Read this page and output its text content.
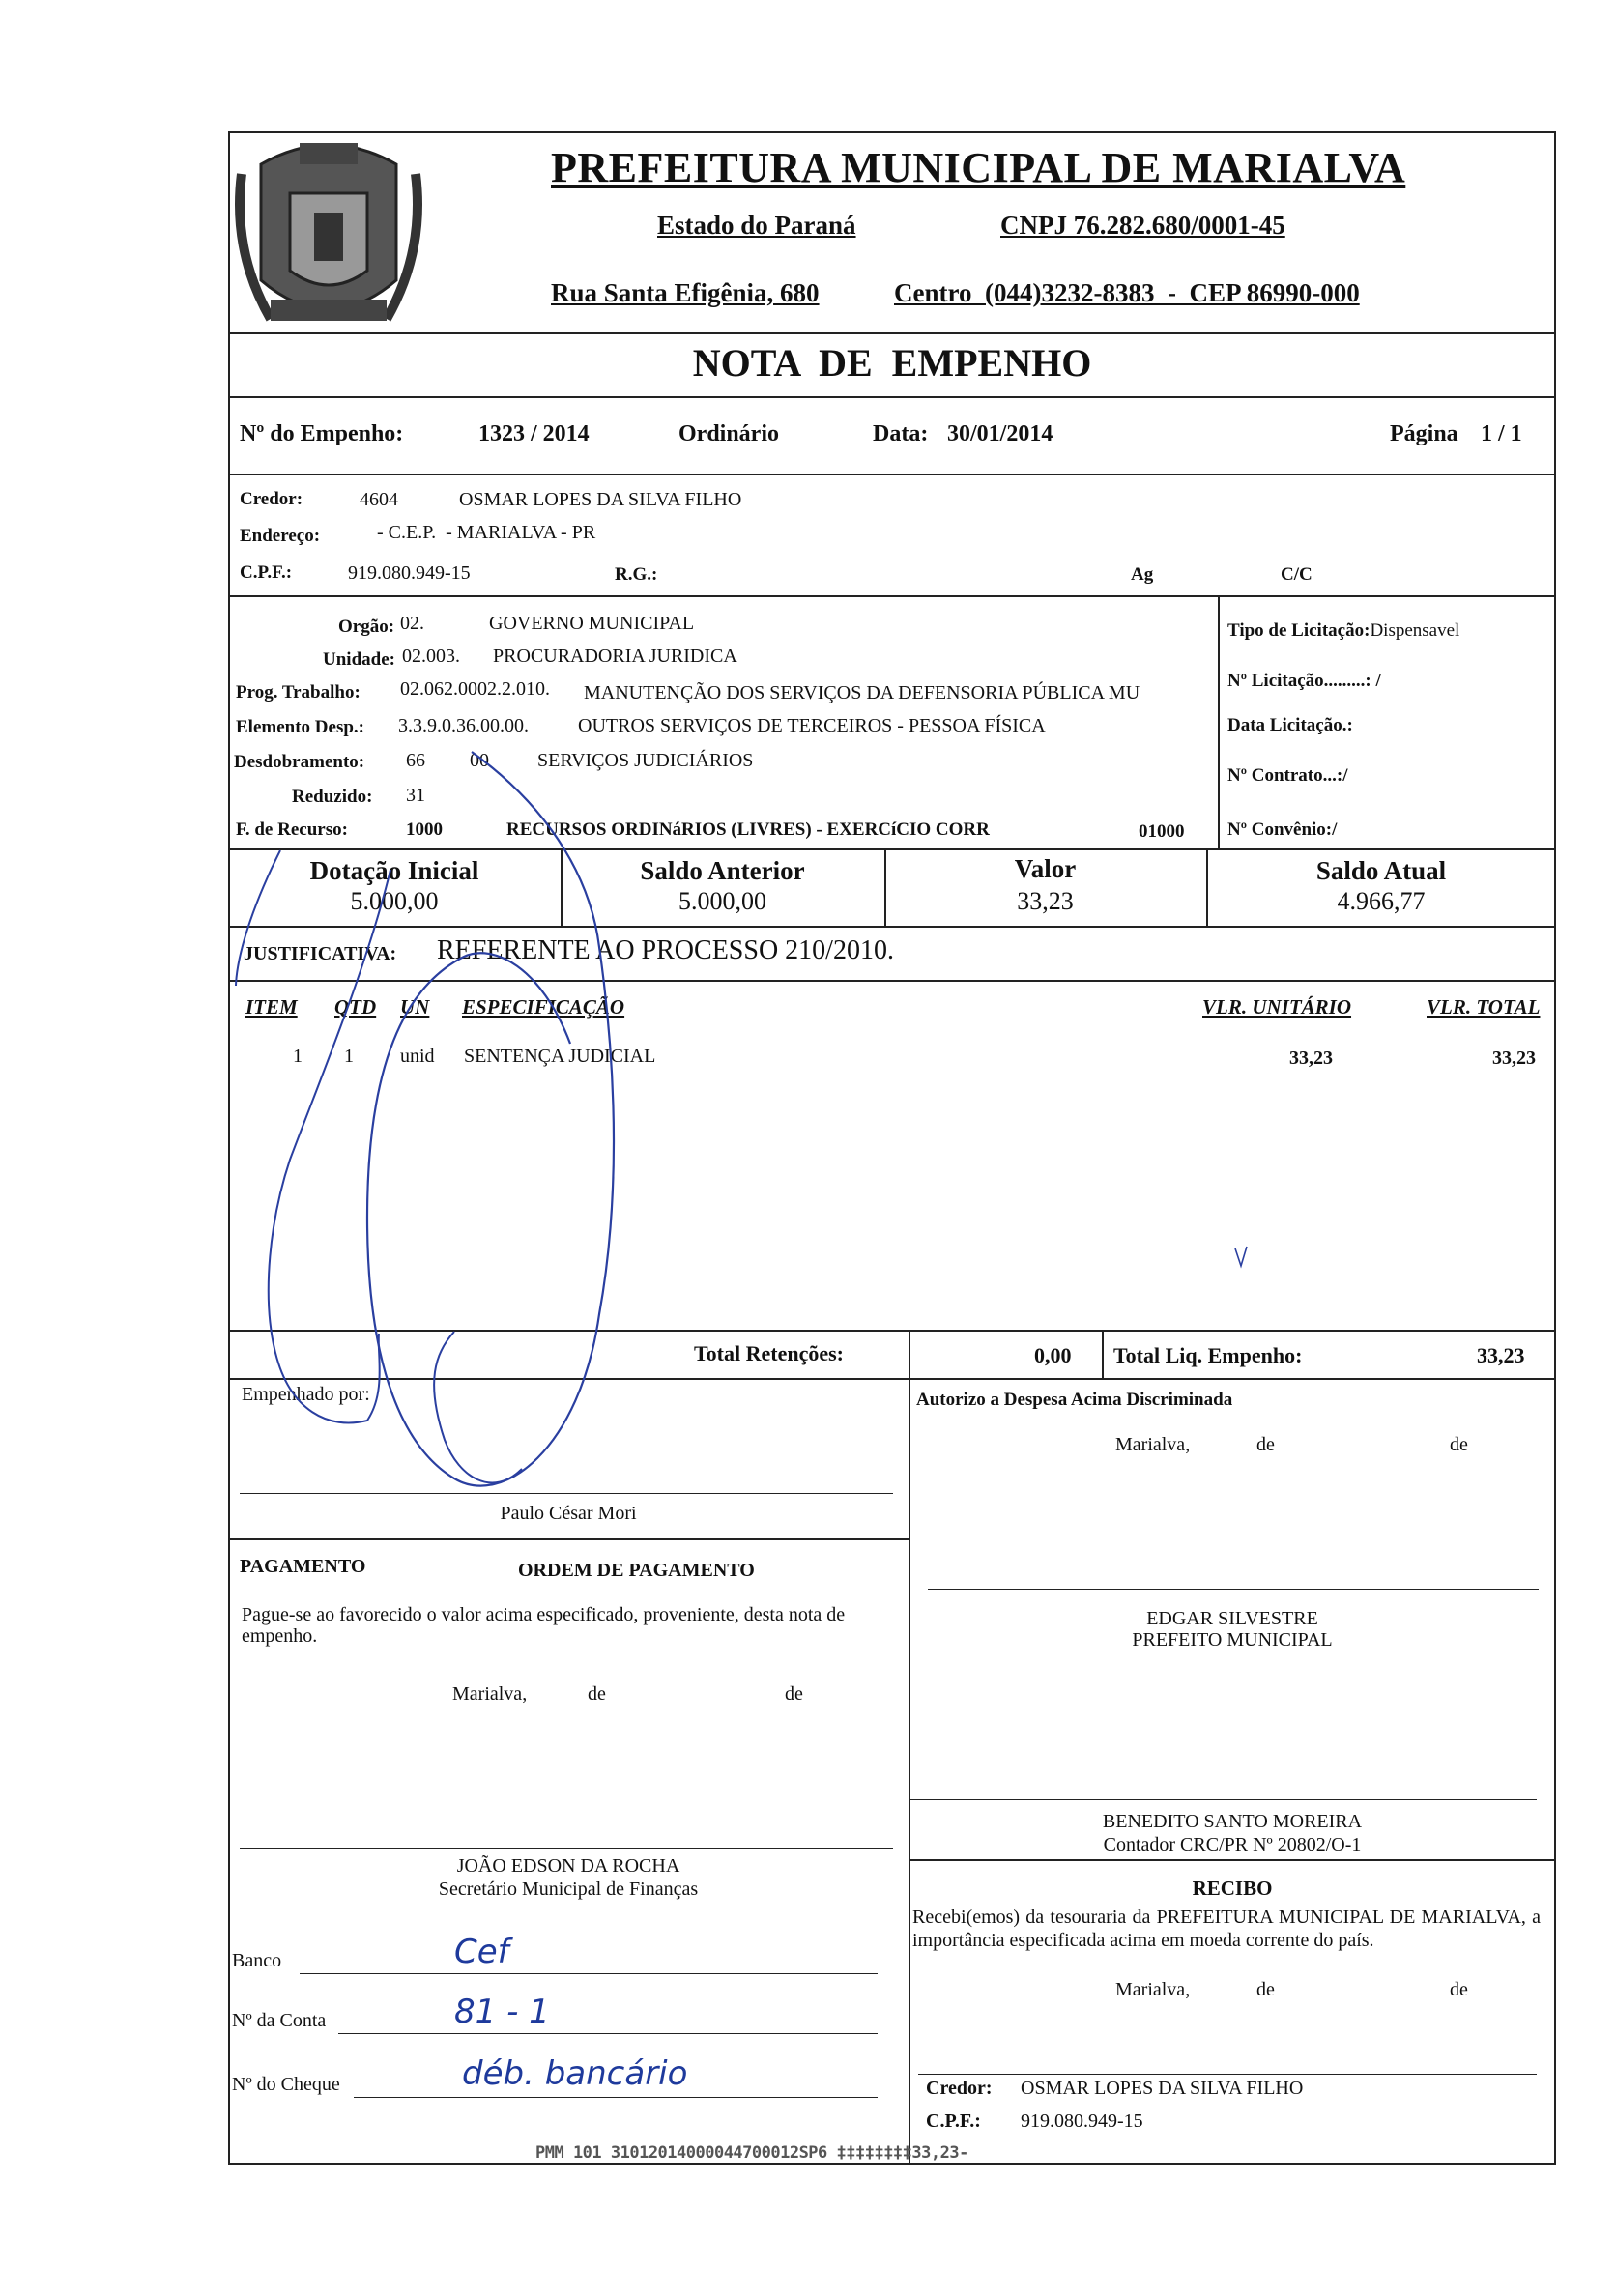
PREFEITURA MUNICIPAL DE MARIALVA
Estado do Paraná	CNPJ 76.282.680/0001-45
Rua Santa Efigênia, 680	Centro  (044)3232-8383  -  CEP 86990-000
NOTA  DE  EMPENHO
Nº do Empenho:	1323 / 2014	Ordinário	Data: 30/01/2014	Página 1 / 1
Credor:	4604	OSMAR LOPES DA SILVA FILHO
Endereço:	- C.E.P.  - MARIALVA - PR
C.P.F.:	919.080.949-15	R.G.:	Ag	C/C
Orgão: 02.	GOVERNO MUNICIPAL
Unidade: 02.003. PROCURADORIA JURIDICA
Prog. Trabalho: 02.062.0002.2.010. MANUTENÇÃO DOS SERVIÇOS DA DEFENSORIA PÚBLICA MU
Elemento Desp.: 3.3.9.0.36.00.00.	OUTROS SERVIÇOS DE TERCEIROS - PESSOA FÍSICA
Desdobramento: 66 00	SERVIÇOS JUDICIÁRIOS
Reduzido: 31
F. de Recurso:	1000	RECURSOS ORDINáRIOS (LIVRES) - EXERCíCIO CORR	01000
Tipo de Licitação:Dispensavel
Nº Licitação.........: /
Data Licitação.:
Nº Contrato...:/
Nº Convênio:/
Dotação Inicial
5.000,00
Saldo Anterior
5.000,00
Valor
33,23
Saldo Atual
4.966,77
JUSTIFICATIVA: REFERENTE AO PROCESSO 210/2010.
ITEM QTD UN ESPECIFICAÇÃO	VLR. UNITÁRIO	VLR. TOTAL
1 1 unid SENTENÇA JUDICIAL	33,23	33,23
Total Retenções:	0,00 Total Liq. Empenho:	33,23
Empenhado por:
Paulo César Mori
Autorizo a Despesa Acima Discriminada
Marialva,	de	de
PAGAMENTO	ORDEM DE PAGAMENTO
Pague-se ao favorecido o valor acima especificado, proveniente, desta nota de empenho.
Marialva,	de	de
JOÃO EDSON DA ROCHA
Secretário Municipal de Finanças
EDGAR SILVESTRE
PREFEITO MUNICIPAL
BENEDITO SANTO MOREIRA
Contador CRC/PR Nº 20802/O-1
RECIBO
Recebi(emos) da tesouraria da PREFEITURA MUNICIPAL DE MARIALVA, a importância especificada acima em moeda corrente do país.
Marialva,	de	de
Credor: OSMAR LOPES DA SILVA FILHO
C.P.F.: 919.080.949-15
Banco	Cef
Nº da Conta	81 - 1
Nº do Cheque	déb. bancário
PMM 101 31012014000044700012SP6 ‡‡‡‡‡‡‡‡33,23-
